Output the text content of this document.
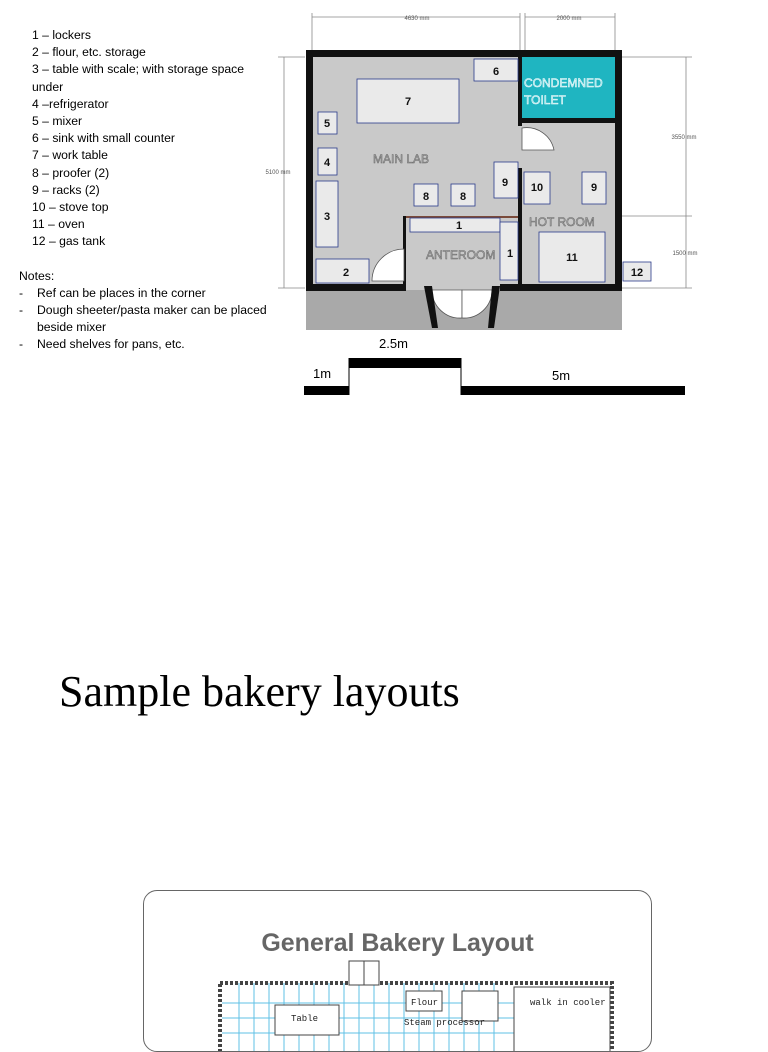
1 – lockers
2 – flour, etc. storage
3 – table with scale; with storage space under
4 –refrigerator
5 – mixer
6 – sink with small counter
7 – work table
8 – proofer (2)
9 – racks (2)
10 – stove top
11 – oven
12 – gas tank
Notes:
- Ref can be places in the corner
- Dough sheeter/pasta maker can be placed beside mixer
- Need shelves for pans, etc.
4630 mm	2000 mm
5100 mm
3550 mm
1500 mm
6
7
5
4
3
8	8
9 10	9
1
1
2
11
12
MAIN LAB
ANTEROOM
HOT ROOM
CONDEMNED
TOILET
1m
2.5m
5m
Sample bakery layouts
General Bakery Layout
Table
Flour	walk in cooler
Steam processor
